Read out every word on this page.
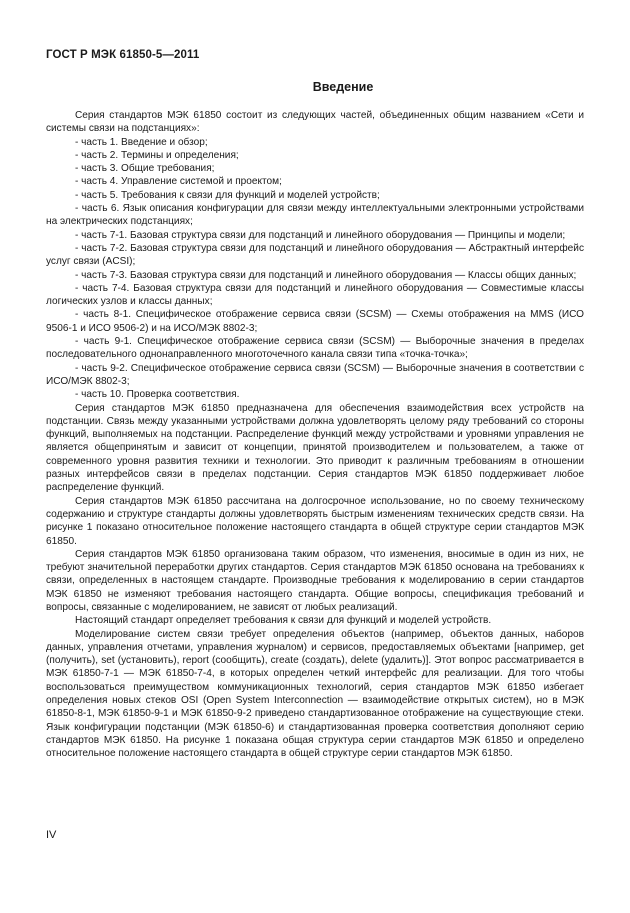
ГОСТ Р МЭК 61850-5—2011
Введение

Серия стандартов МЭК 61850 состоит из следующих частей, объединенных общим названием «Сети и системы связи на подстанциях»:

- часть 1. Введение и обзор;
- часть 2. Термины и определения;
- часть 3. Общие требования;
- часть 4. Управление системой и проектом;
- часть 5. Требования к связи для функций и моделей устройств;
- часть 6. Язык описания конфигурации для связи между интеллектуальными электронными устройствами на электрических подстанциях;
- часть 7-1. Базовая структура связи для подстанций и линейного оборудования — Принципы и модели;
- часть 7-2. Базовая структура связи для подстанций и линейного оборудования — Абстрактный интерфейс услуг связи (ACSI);
- часть 7-3. Базовая структура связи для подстанций и линейного оборудования — Классы общих данных;
- часть 7-4. Базовая структура связи для подстанций и линейного оборудования — Совместимые классы логических узлов и классы данных;
- часть 8-1. Специфическое отображение сервиса связи (SCSM) — Схемы отображения на MMS (ИСО 9506-1 и ИСО 9506-2) и на ИСО/МЭК 8802-3;
- часть 9-1. Специфическое отображение сервиса связи (SCSM) — Выборочные значения в пределах последовательного однонаправленного многоточечного канала связи типа «точка-точка»;
- часть 9-2. Специфическое отображение сервиса связи (SCSM) — Выборочные значения в соответствии с ИСО/МЭК 8802-3;
- часть 10. Проверка соответствия.

Серия стандартов МЭК 61850 предназначена для обеспечения взаимодействия всех устройств на подстанции. Связь между указанными устройствами должна удовлетворять целому ряду требований со стороны функций, выполняемых на подстанции. Распределение функций между устройствами и уровнями управления не является общепринятым и зависит от концепции, принятой производителем и пользователем, а также от современного уровня развития техники и технологии. Это приводит к различным требованиям в отношении разных интерфейсов связи в пределах подстанции. Серия стандартов МЭК 61850 поддерживает любое распределение функций.

Серия стандартов МЭК 61850 рассчитана на долгосрочное использование, но по своему техническому содержанию и структуре стандарты должны удовлетворять быстрым изменениям технических средств связи. На рисунке 1 показано относительное положение настоящего стандарта в общей структуре серии стандартов МЭК 61850.

Серия стандартов МЭК 61850 организована таким образом, что изменения, вносимые в один из них, не требуют значительной переработки других стандартов. Серия стандартов МЭК 61850 основана на требованиях к связи, определенных в настоящем стандарте. Производные требования к моделированию в серии стандартов МЭК 61850 не изменяют требования настоящего стандарта. Общие вопросы, спецификация требований и вопросы, связанные с моделированием, не зависят от любых реализаций.

Настоящий стандарт определяет требования к связи для функций и моделей устройств.

Моделирование систем связи требует определения объектов (например, объектов данных, наборов данных, управления отчетами, управления журналом) и сервисов, предоставляемых объектами [например, get (получить), set (установить), report (сообщить), create (создать), delete (удалить)]. Этот вопрос рассматривается в МЭК 61850-7-1 — МЭК 61850-7-4, в которых определен четкий интерфейс для реализации. Для того чтобы воспользоваться преимуществом коммуникационных технологий, серия стандартов МЭК 61850 избегает определения новых стеков OSI (Open System Interconnection — взаимодействие открытых систем), но в МЭК 61850-8-1, МЭК 61850-9-1 и МЭК 61850-9-2 приведено стандартизованное отображение на существующие стеки. Язык конфигурации подстанции (МЭК 61850-6) и стандартизованная проверка соответствия дополняют серию стандартов МЭК 61850. На рисунке 1 показана общая структура серии стандартов МЭК 61850 и определено относительное положение настоящего стандарта в общей структуре серии стандартов МЭК 61850.

IV
